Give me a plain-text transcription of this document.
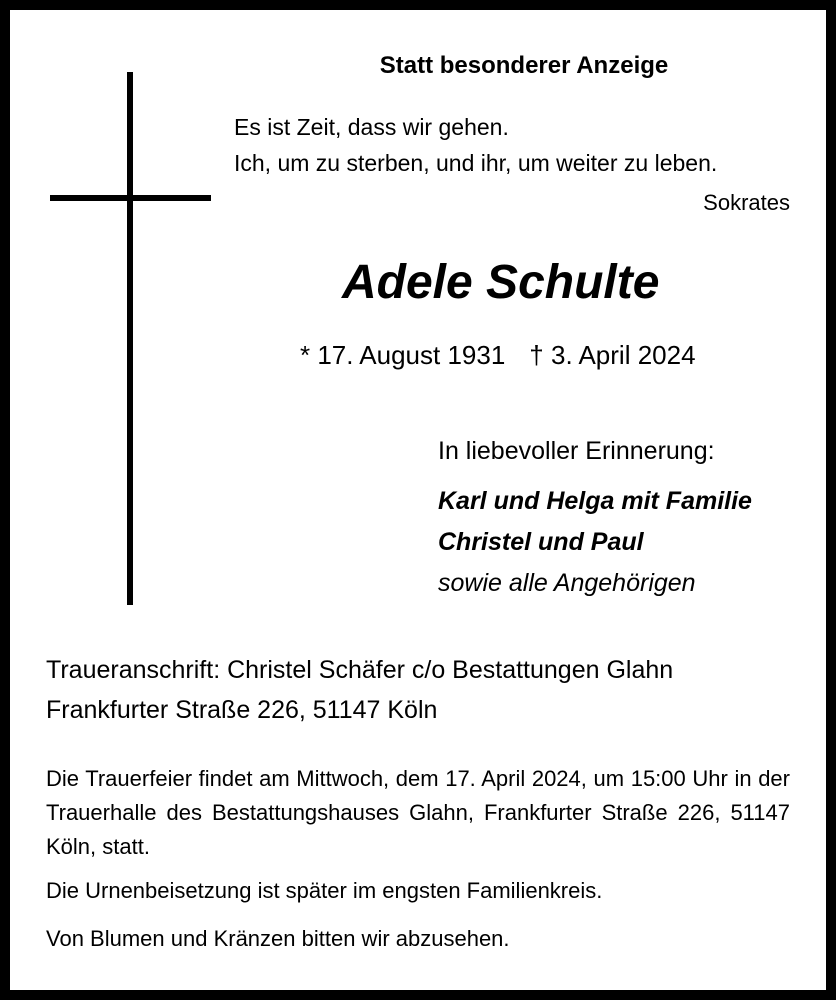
Statt besonderer Anzeige
Es ist Zeit, dass wir gehen.
Ich, um zu sterben, und ihr, um weiter zu leben.
Sokrates
Adele Schulte
* 17. August 1931 † 3. April 2024
In liebevoller Erinnerung:
Karl und Helga mit Familie
Christel und Paul
sowie alle Angehörigen
Traueranschrift: Christel Schäfer c/o Bestattungen Glahn
Frankfurter Straße 226, 51147 Köln
Die Trauerfeier findet am Mittwoch, dem 17. April 2024, um 15:00 Uhr in der Trauerhalle des Bestattungshauses Glahn, Frankfurter Straße 226, 51147 Köln, statt.
Die Urnenbeisetzung ist später im engsten Familienkreis.
Von Blumen und Kränzen bitten wir abzusehen.
